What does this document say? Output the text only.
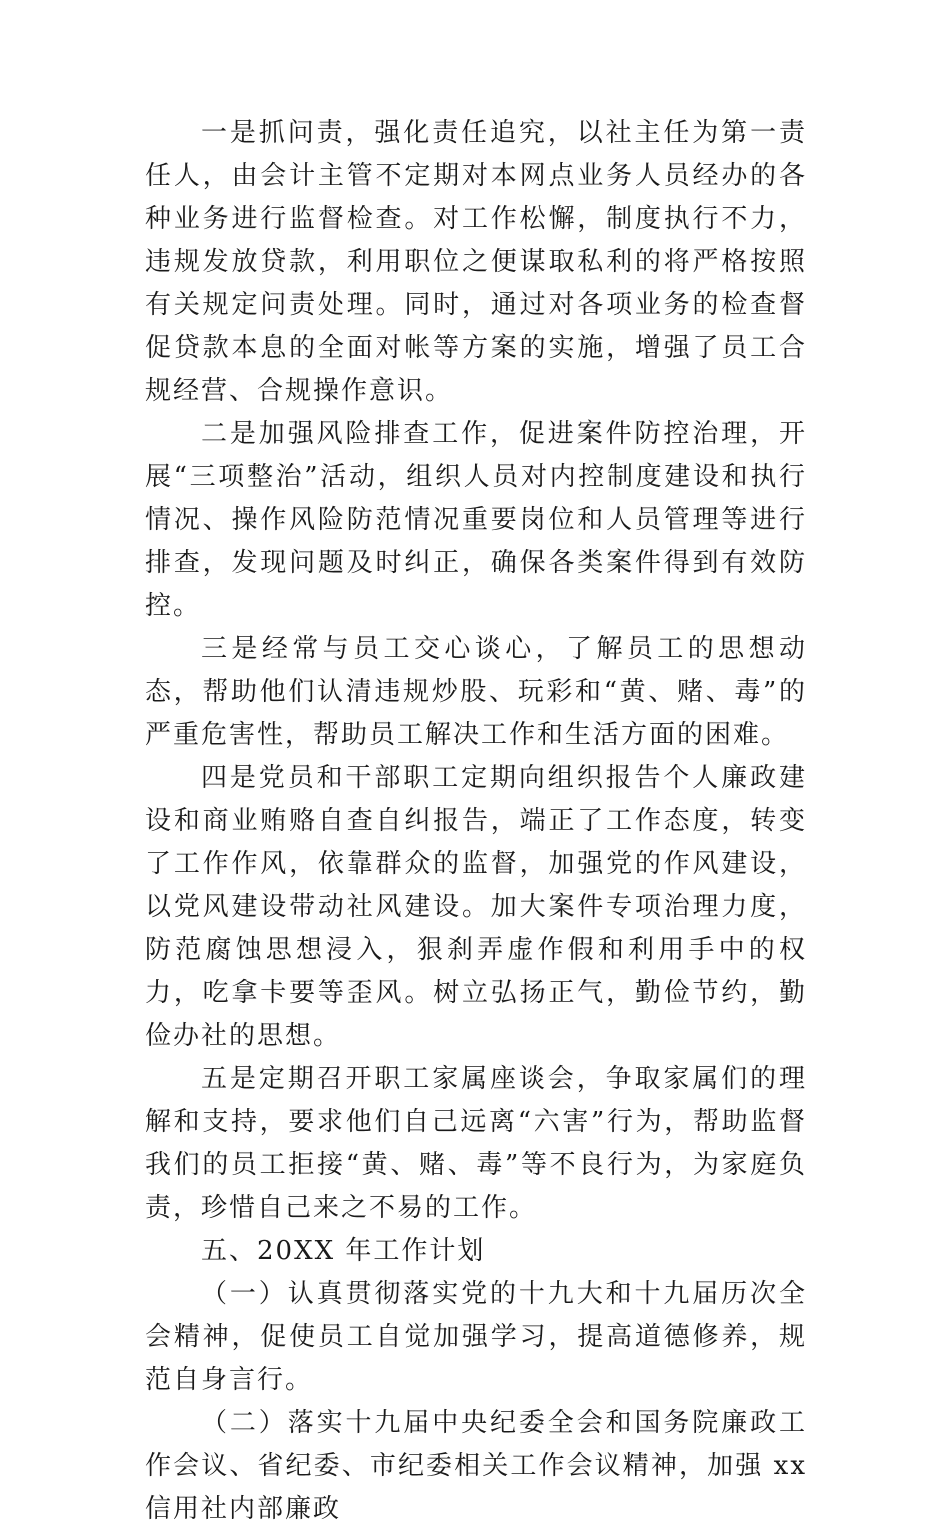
一是抓问责，强化责任追究，以社主任为第一责任人，由会计主管不定期对本网点业务人员经办的各种业务进行监督检查。对工作松懈，制度执行不力，违规发放贷款，利用职位之便谋取私利的将严格按照有关规定问责处理。同时，通过对各项业务的检查督促贷款本息的全面对帐等方案的实施，增强了员工合规经营、合规操作意识。

二是加强风险排查工作，促进案件防控治理，开展“三项整治”活动，组织人员对内控制度建设和执行情况、操作风险防范情况重要岗位和人员管理等进行排查，发现问题及时纠正，确保各类案件得到有效防控。

三是经常与员工交心谈心，了解员工的思想动态，帮助他们认清违规炒股、玩彩和“黄、赌、毒”的严重危害性，帮助员工解决工作和生活方面的困难。

四是党员和干部职工定期向组织报告个人廉政建设和商业贿赂自查自纠报告，端正了工作态度，转变了工作作风，依靠群众的监督，加强党的作风建设，以党风建设带动社风建设。加大案件专项治理力度，防范腐蚀思想浸入，狠刹弄虚作假和利用手中的权力，吃拿卡要等歪风。树立弘扬正气，勤俭节约，勤俭办社的思想。

五是定期召开职工家属座谈会，争取家属们的理解和支持，要求他们自己远离“六害”行为，帮助监督我们的员工拒接“黄、赌、毒”等不良行为，为家庭负责，珍惜自己来之不易的工作。

五、20XX 年工作计划

（一）认真贯彻落实党的十九大和十九届历次全会精神，促使员工自觉加强学习，提高道德修养，规范自身言行。

（二）落实十九届中央纪委全会和国务院廉政工作会议、省纪委、市纪委相关工作会议精神，加强 xx 信用社内部廉政
